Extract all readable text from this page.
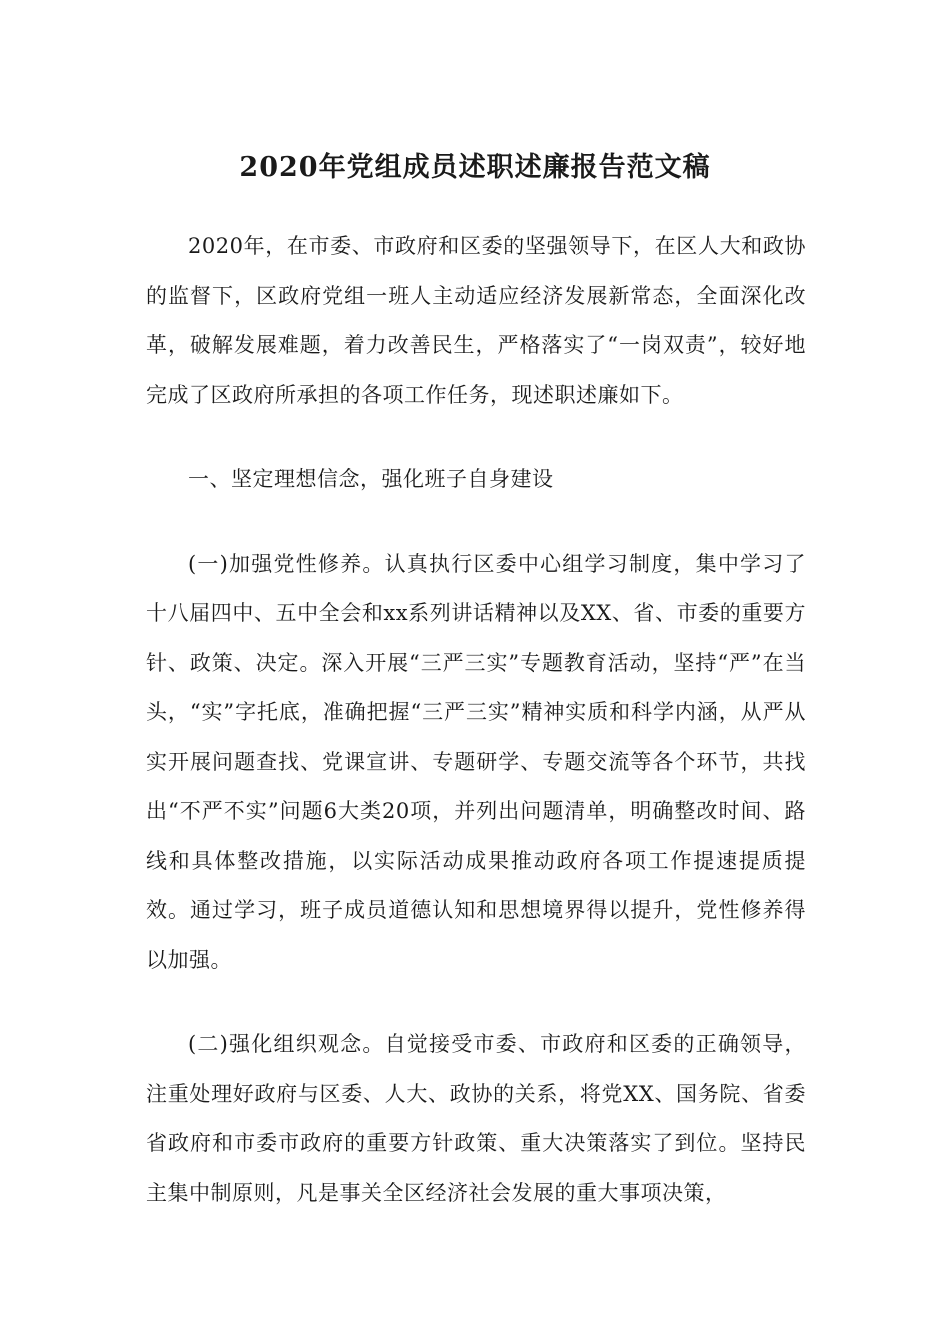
2020年党组成员述职述廉报告范文稿

2020年，在市委、市政府和区委的坚强领导下，在区人大和政协的监督下，区政府党组一班人主动适应经济发展新常态，全面深化改革，破解发展难题，着力改善民生，严格落实了“一岗双责”，较好地完成了区政府所承担的各项工作任务，现述职述廉如下。

一、坚定理想信念，强化班子自身建设

(一)加强党性修养。认真执行区委中心组学习制度，集中学习了十八届四中、五中全会和xx系列讲话精神以及XX、省、市委的重要方针、政策、决定。深入开展“三严三实”专题教育活动，坚持“严”在当头，“实”字托底，准确把握“三严三实”精神实质和科学内涵，从严从实开展问题查找、党课宣讲、专题研学、专题交流等各个环节，共找出“不严不实”问题6大类20项，并列出问题清单，明确整改时间、路线和具体整改措施，以实际活动成果推动政府各项工作提速提质提效。通过学习，班子成员道德认知和思想境界得以提升，党性修养得以加强。

(二)强化组织观念。自觉接受市委、市政府和区委的正确领导，注重处理好政府与区委、人大、政协的关系，将党XX、国务院、省委省政府和市委市政府的重要方针政策、重大决策落实了到位。坚持民主集中制原则，凡是事关全区经济社会发展的重大事项决策，
